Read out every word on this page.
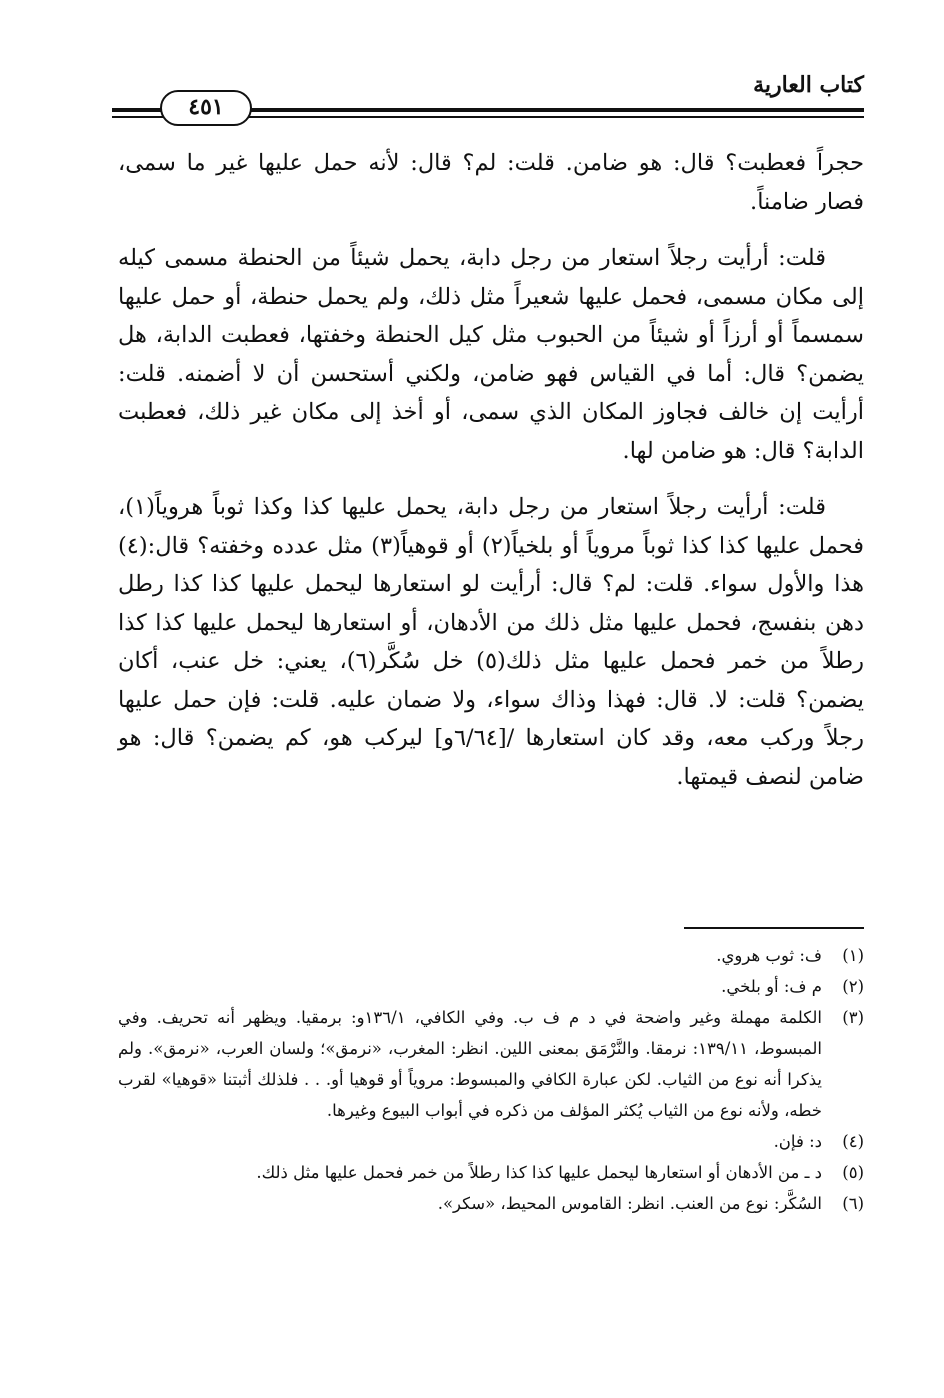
كتاب العارية
٤٥١

حجراً فعطبت؟ قال: هو ضامن. قلت: لم؟ قال: لأنه حمل عليها غير ما سمى، فصار ضامناً.

قلت: أرأيت رجلاً استعار من رجل دابة، يحمل شيئاً من الحنطة مسمى كيله إلى مكان مسمى، فحمل عليها شعيراً مثل ذلك، ولم يحمل حنطة، أو حمل عليها سمسماً أو أرزاً أو شيئاً من الحبوب مثل كيل الحنطة وخفتها، فعطبت الدابة، هل يضمن؟ قال: أما في القياس فهو ضامن، ولكني أستحسن أن لا أضمنه. قلت: أرأيت إن خالف فجاوز المكان الذي سمى، أو أخذ إلى مكان غير ذلك، فعطبت الدابة؟ قال: هو ضامن لها.

قلت: أرأيت رجلاً استعار من رجل دابة، يحمل عليها كذا وكذا ثوباً هروياً(١)، فحمل عليها كذا كذا ثوباً مروياً أو بلخياً(٢) أو قوهياً(٣) مثل عدده وخفته؟ قال:(٤) هذا والأول سواء. قلت: لم؟ قال: أرأيت لو استعارها ليحمل عليها كذا كذا رطل دهن بنفسج، فحمل عليها مثل ذلك من الأدهان، أو استعارها ليحمل عليها كذا كذا رطلاً من خمر فحمل عليها مثل ذلك(٥) خل سُكَّر(٦)، يعني: خل عنب، أكان يضمن؟ قلت: لا. قال: فهذا وذاك سواء، ولا ضمان عليه. قلت: فإن حمل عليها رجلاً وركب معه، وقد كان استعارها /[٦/٦٤و] ليركب هو، كم يضمن؟ قال: هو ضامن لنصف قيمتها.

(١)
ف: ثوب هروي.
(٢)
م ف: أو بلخي.
(٣)
الكلمة مهملة وغير واضحة في د م ف ب. وفي الكافي، ١٣٦/١و: برمقيا. ويظهر أنه تحريف. وفي المبسوط، ١٣٩/١١: نرمقا. والنَّرْمَق بمعنى اللين. انظر: المغرب، «نرمق»؛ ولسان العرب، «نرمق». ولم يذكرا أنه نوع من الثياب. لكن عبارة الكافي والمبسوط: مروياً أو قوهيا أو. . . فلذلك أثبتنا «قوهيا» لقرب خطه، ولأنه نوع من الثياب يُكثر المؤلف من ذكره في أبواب البيوع وغيرها.
(٤)
د: فإن.
(٥)
د ـ من الأدهان أو استعارها ليحمل عليها كذا كذا رطلاً من خمر فحمل عليها مثل ذلك.
(٦)
السُكَّر: نوع من العنب. انظر: القاموس المحيط، «سكر».
